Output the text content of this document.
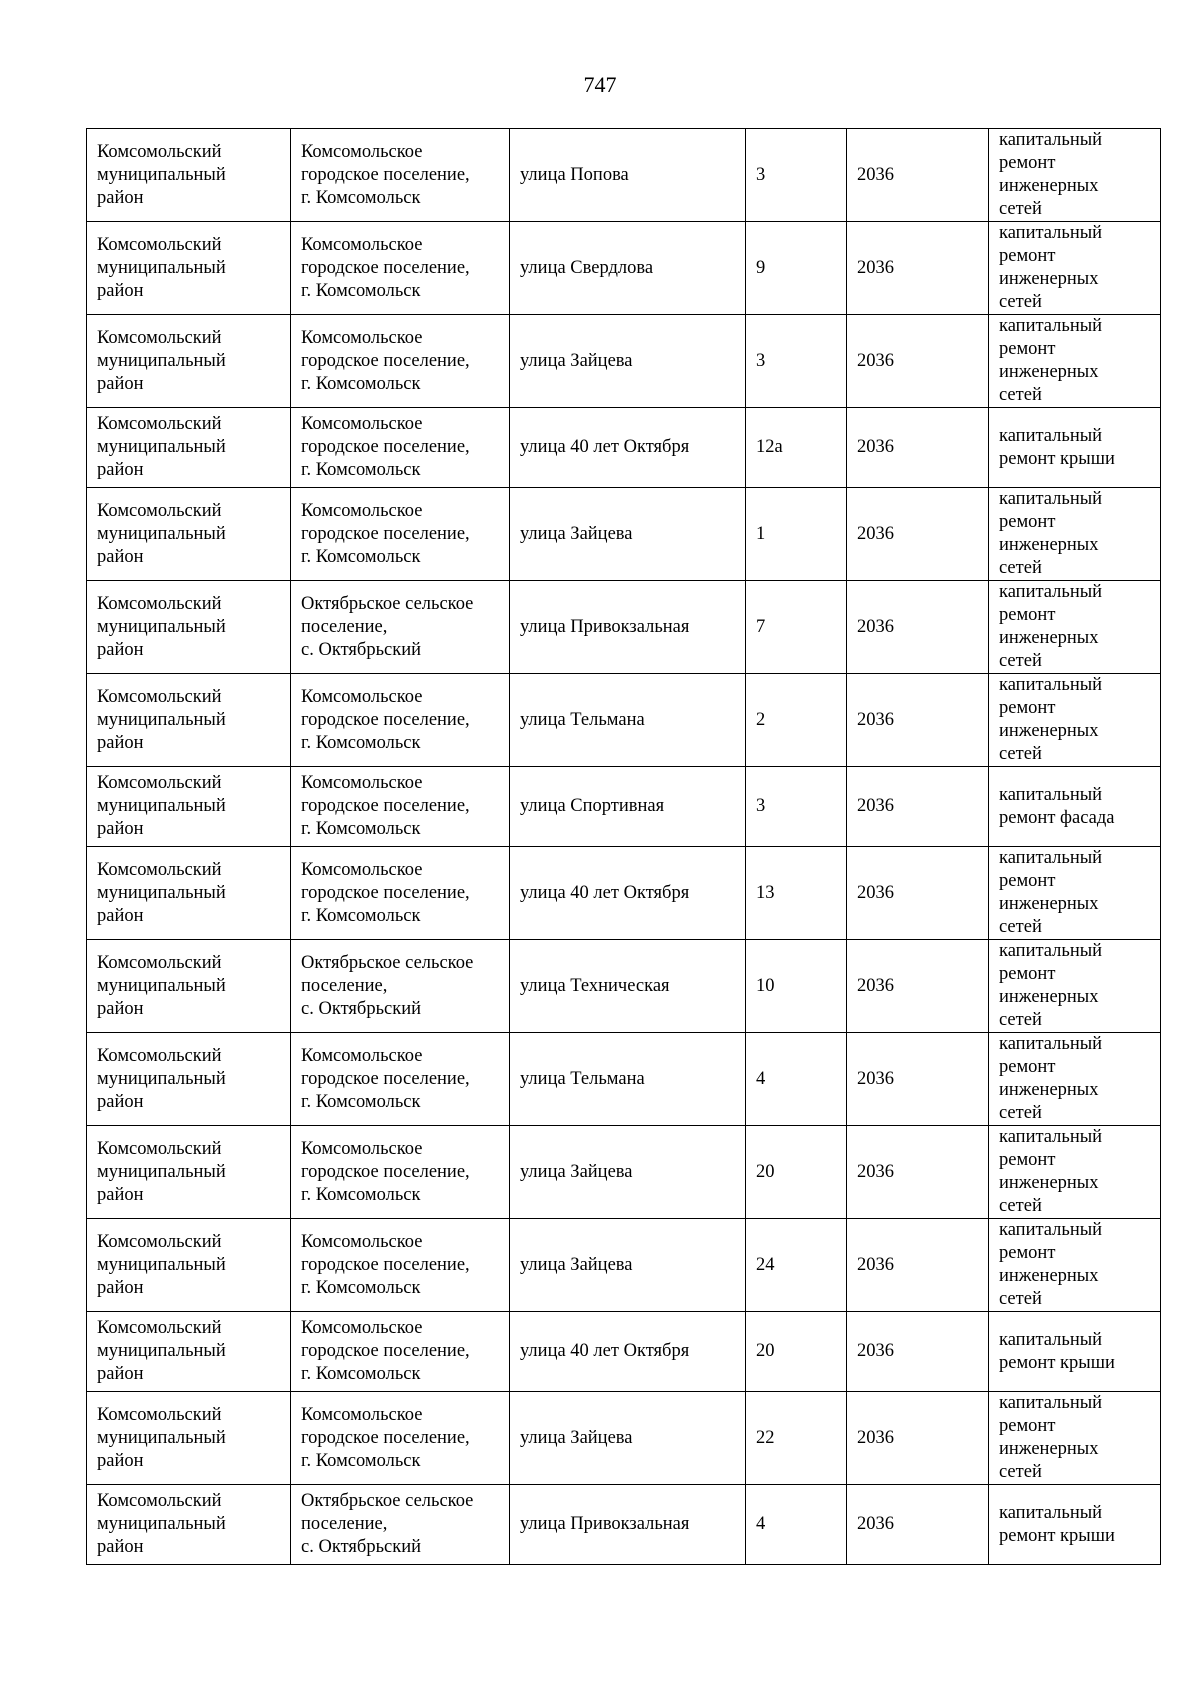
747
Комсомольский
муниципальный
район	Комсомольское
городское поселение,
г. Комсомольск	улица Попова	3	2036	капитальный
ремонт
инженерных
сетей

Комсомольский
муниципальный
район	Комсомольское
городское поселение,
г. Комсомольск	улица Свердлова	9	2036	капитальный
ремонт
инженерных
сетей

Комсомольский
муниципальный
район	Комсомольское
городское поселение,
г. Комсомольск	улица Зайцева	3	2036	капитальный
ремонт
инженерных
сетей

Комсомольский
муниципальный
район	Комсомольское
городское поселение,
г. Комсомольск	улица 40 лет Октября	12а	2036	капитальный
ремонт крыши

Комсомольский
муниципальный
район	Комсомольское
городское поселение,
г. Комсомольск	улица Зайцева	1	2036	капитальный
ремонт
инженерных
сетей

Комсомольский
муниципальный
район	Октябрьское сельское
поселение,
с. Октябрьский	улица Привокзальная	7	2036	капитальный
ремонт
инженерных
сетей

Комсомольский
муниципальный
район	Комсомольское
городское поселение,
г. Комсомольск	улица Тельмана	2	2036	капитальный
ремонт
инженерных
сетей

Комсомольский
муниципальный
район	Комсомольское
городское поселение,
г. Комсомольск	улица Спортивная	3	2036	капитальный
ремонт фасада

Комсомольский
муниципальный
район	Комсомольское
городское поселение,
г. Комсомольск	улица 40 лет Октября	13	2036	капитальный
ремонт
инженерных
сетей

Комсомольский
муниципальный
район	Октябрьское сельское
поселение,
с. Октябрьский	улица Техническая	10	2036	капитальный
ремонт
инженерных
сетей

Комсомольский
муниципальный
район	Комсомольское
городское поселение,
г. Комсомольск	улица Тельмана	4	2036	капитальный
ремонт
инженерных
сетей

Комсомольский
муниципальный
район	Комсомольское
городское поселение,
г. Комсомольск	улица Зайцева	20	2036	капитальный
ремонт
инженерных
сетей

Комсомольский
муниципальный
район	Комсомольское
городское поселение,
г. Комсомольск	улица Зайцева	24	2036	капитальный
ремонт
инженерных
сетей

Комсомольский
муниципальный
район	Комсомольское
городское поселение,
г. Комсомольск	улица 40 лет Октября	20	2036	капитальный
ремонт крыши

Комсомольский
муниципальный
район	Комсомольское
городское поселение,
г. Комсомольск	улица Зайцева	22	2036	капитальный
ремонт
инженерных
сетей

Комсомольский
муниципальный
район	Октябрьское сельское
поселение,
с. Октябрьский	улица Привокзальная	4	2036	капитальный
ремонт крыши
